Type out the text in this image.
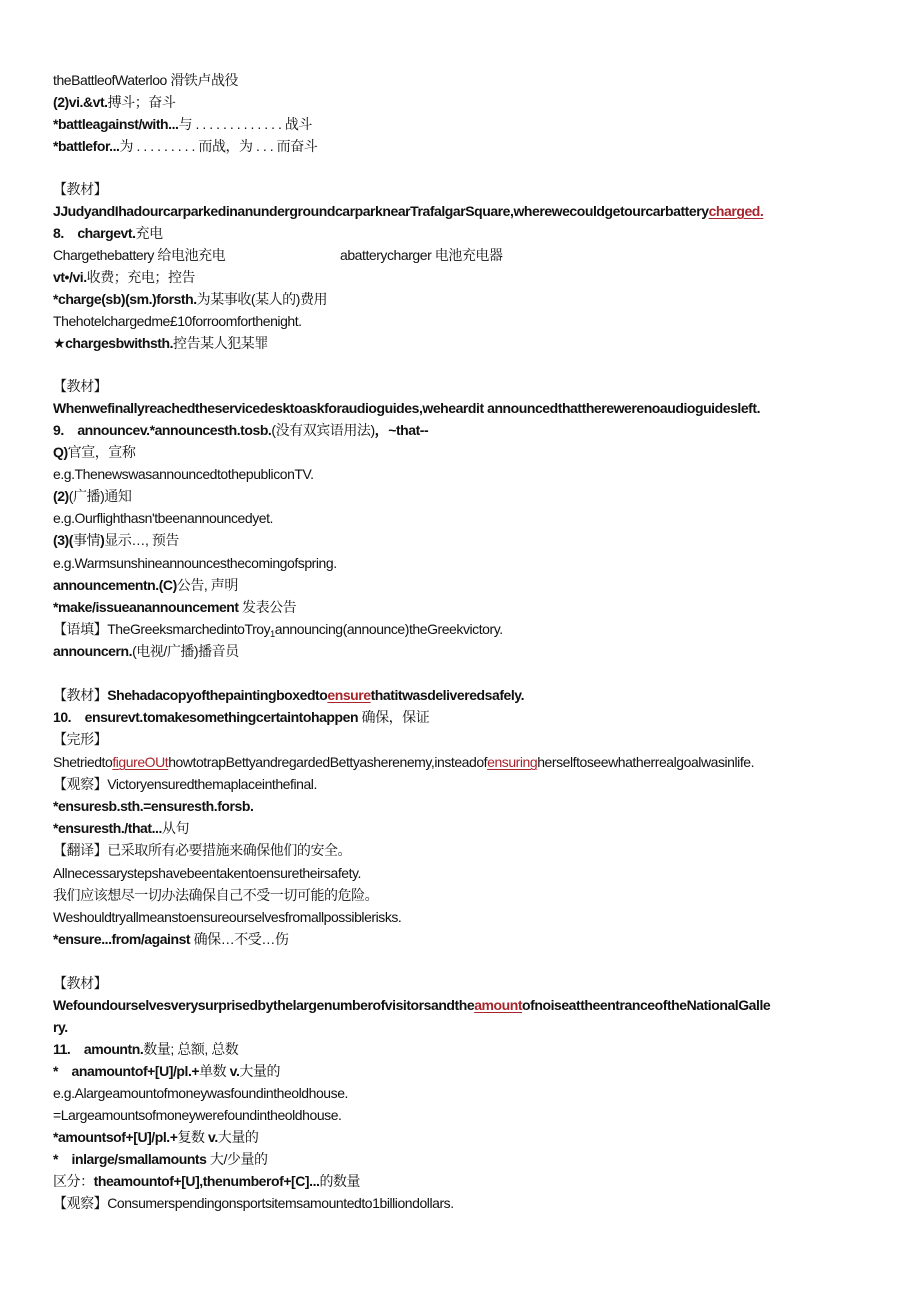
theBattleofWaterloo 滑铁卢战役
(2)vi.&vt.搏斗；奋斗
*battleagainst/with...与 . . . . . . . . . . . . . 战斗
*battlefor...为 . . . . . . . . . 而战，为 . . . 而奋斗
【教材】
JJudyandIhadourcarparkedinanundergroundcarparknearTrafalgarSquare,wherewecouldgetourcarbatterycharged.
8.　chargevt.充电
Chargethebattery 给电池充电	abatterycharger 电池充电器
vt•/vi.收费；充电；控告
*charge(sb)(sm.)forsth.为某事收(某人的)费用
Thehotelchargedme£10forroomforthenight.
★chargesbwithsth.控告某人犯某罪
【教材】
Whenwefinallyreachedtheservicedesktoaskforaudioguides,weheardit announcedthattherewerenoaudioguidesleft.
9.　announcev.*announcesth.tosb.(没有双宾语用法)，~that--
Q)官宣，宣称
e.g.ThenewswasannouncedtothepubliconTV.
(2)(广播)通知
e.g.Ourflighthasn'tbeenannouncedyet.
(3)(事情)显示…, 预告
e.g.Warmsunshineannouncesthecomingofspring.
announcementn.(C)公告, 声明
*make/issueanannouncement 发表公告
【语填】TheGreeksmarchedintoTroy$_1$announcing(announce)theGreekvictory.
announcern.(电视/广播)播音员
【教材】Shehadacopyofthepaintingboxedtoensurethatitwasdeliveredsafely.
10.　ensurevt.tomakesomethingcertaintohappen 确保，保证
【完形】
ShetriedtofigureOUthowtotrapBettyandregardedBettyasherenemy,insteadofensuringherselftoseewhatherrealgoalwasinlife.
【观察】Victoryensuredthemaplaceinthefinal.
*ensuresb.sth.=ensuresth.forsb.
*ensuresth./that...从句
【翻译】已采取所有必要措施来确保他们的安全。
Allnecessarystepshavebeentakentoensuretheirsafety.
我们应该想尽一切办法确保自己不受一切可能的危险。
Weshouldtryallmeanstoensureourselvesfromallpossiblerisks.
*ensure...from/against 确保…不受…伤
【教材】
WefoundourselvesverysurprisedbythelargenumberofvisitorsandtheamountofnoiseattheentranceoftheNationalGalle
ry.
11.　amountn.数量; 总额, 总数
*　anamountof+[U]/pl.+单数 v.大量的
e.g.Alargeamountofmoneywasfoundintheoldhouse.
=Largeamountsofmoneywerefoundintheoldhouse.
*amountsof+[U]/pl.+复数 v.大量的
*　inlarge/smallamounts 大/少量的
区分：theamountof+[U],thenumberof+[C]...的数量
【观察】Consumerspendingonsportsitemsamountedto1billiondollars.
